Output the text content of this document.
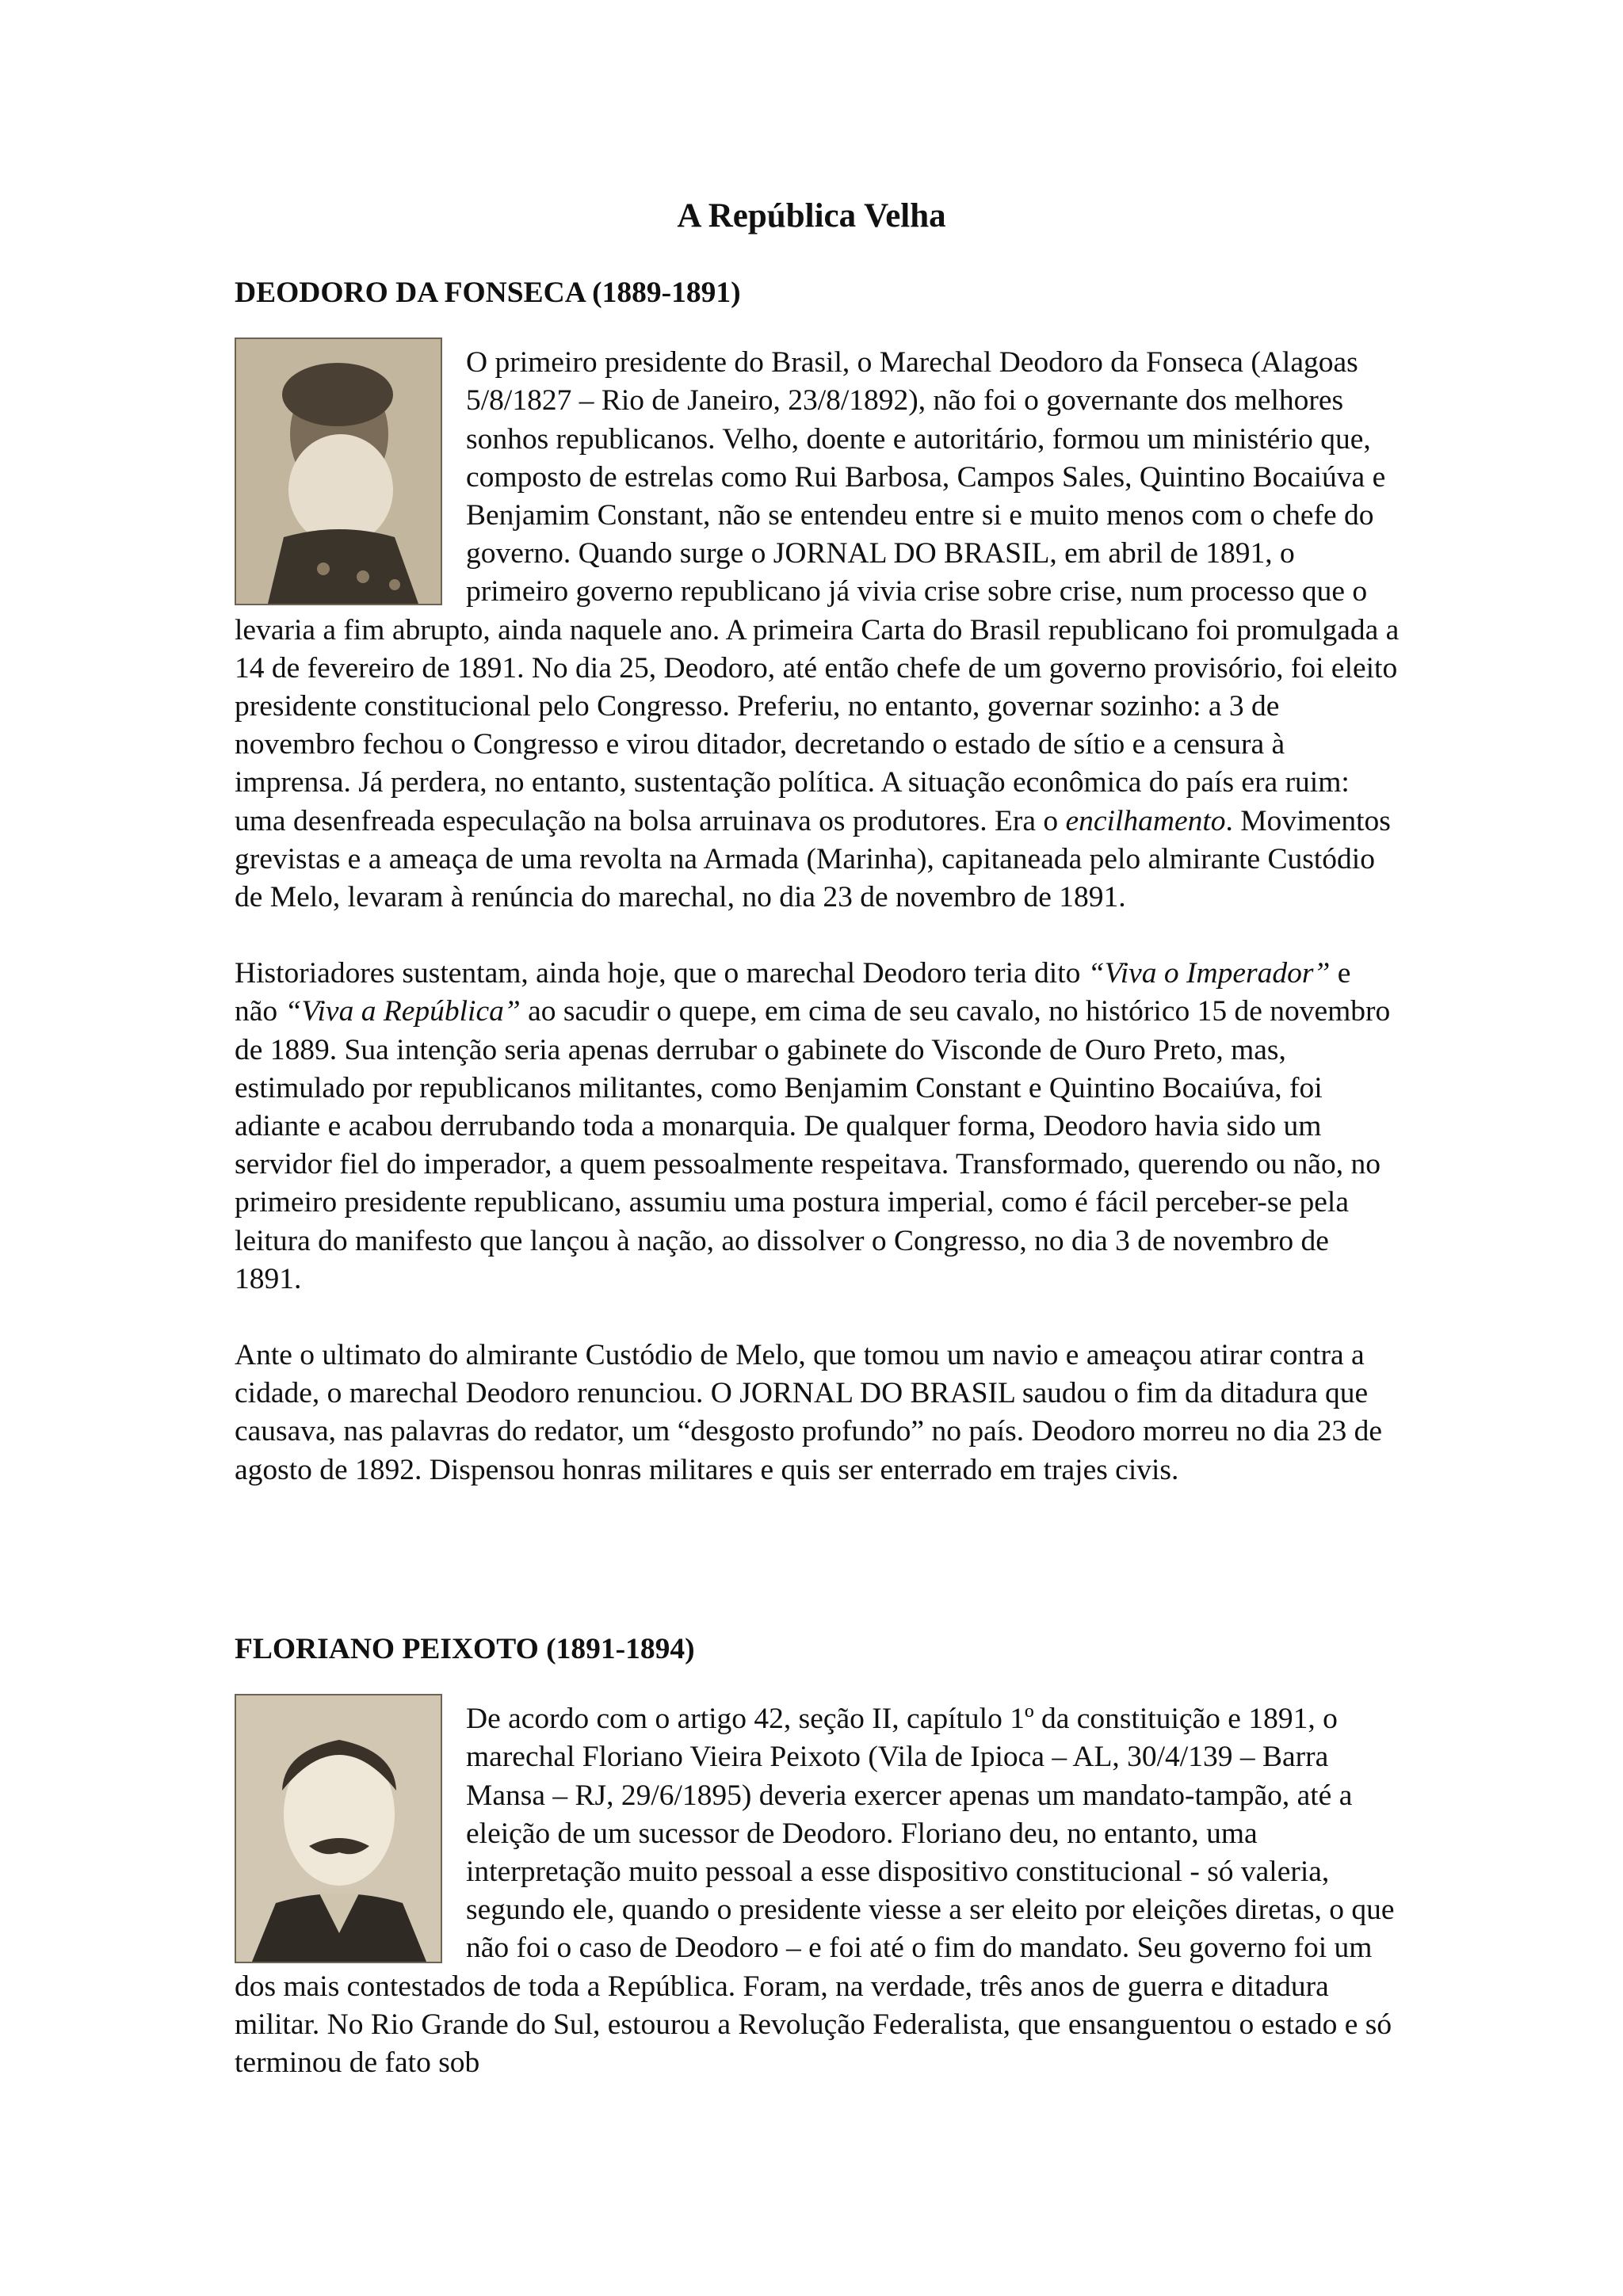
A República Velha
DEODORO DA FONSECA (1889-1891)

O primeiro presidente do Brasil, o Marechal Deodoro da Fonseca (Alagoas 5/8/1827 – Rio de Janeiro, 23/8/1892), não foi o governante dos melhores sonhos republicanos. Velho, doente e autoritário, formou um ministério que, composto de estrelas como Rui Barbosa, Campos Sales, Quintino Bocaiúva e Benjamim Constant, não se entendeu entre si e muito menos com o chefe do governo. Quando surge o JORNAL DO BRASIL, em abril de 1891, o primeiro governo republicano já vivia crise sobre crise, num processo que o levaria a fim abrupto, ainda naquele ano. A primeira Carta do Brasil republicano foi promulgada a 14 de fevereiro de 1891. No dia 25, Deodoro, até então chefe de um governo provisório, foi eleito presidente constitucional pelo Congresso. Preferiu, no entanto, governar sozinho: a 3 de novembro fechou o Congresso e virou ditador, decretando o estado de sítio e a censura à imprensa. Já perdera, no entanto, sustentação política. A situação econômica do país era ruim: uma desenfreada especulação na bolsa arruinava os produtores. Era o encilhamento. Movimentos grevistas e a ameaça de uma revolta na Armada (Marinha), capitaneada pelo almirante Custódio de Melo, levaram à renúncia do marechal, no dia 23 de novembro de 1891.

Historiadores sustentam, ainda hoje, que o marechal Deodoro teria dito “Viva o Imperador” e não “Viva a República” ao sacudir o quepe, em cima de seu cavalo, no histórico 15 de novembro de 1889. Sua intenção seria apenas derrubar o gabinete do Visconde de Ouro Preto, mas, estimulado por republicanos militantes, como Benjamim Constant e Quintino Bocaiúva, foi adiante e acabou derrubando toda a monarquia. De qualquer forma, Deodoro havia sido um servidor fiel do imperador, a quem pessoalmente respeitava. Transformado, querendo ou não, no primeiro presidente republicano, assumiu uma postura imperial, como é fácil perceber-se pela leitura do manifesto que lançou à nação, ao dissolver o Congresso, no dia 3 de novembro de 1891.

Ante o ultimato do almirante Custódio de Melo, que tomou um navio e ameaçou atirar contra a cidade, o marechal Deodoro renunciou. O JORNAL DO BRASIL saudou o fim da ditadura que causava, nas palavras do redator, um “desgosto profundo” no país. Deodoro morreu no dia 23 de agosto de 1892. Dispensou honras militares e quis ser enterrado em trajes civis.

FLORIANO PEIXOTO (1891-1894)

De acordo com o artigo 42, seção II, capítulo 1º da constituição e 1891, o marechal Floriano Vieira Peixoto (Vila de Ipioca – AL, 30/4/139 – Barra Mansa – RJ, 29/6/1895) deveria exercer apenas um mandato-tampão, até a eleição de um sucessor de Deodoro. Floriano deu, no entanto, uma interpretação muito pessoal a esse dispositivo constitucional - só valeria, segundo ele, quando o presidente viesse a ser eleito por eleições diretas, o que não foi o caso de Deodoro – e foi até o fim do mandato. Seu governo foi um dos mais contestados de toda a República. Foram, na verdade, três anos de guerra e ditadura militar. No Rio Grande do Sul, estourou a Revolução Federalista, que ensanguentou o estado e só terminou de fato sob
